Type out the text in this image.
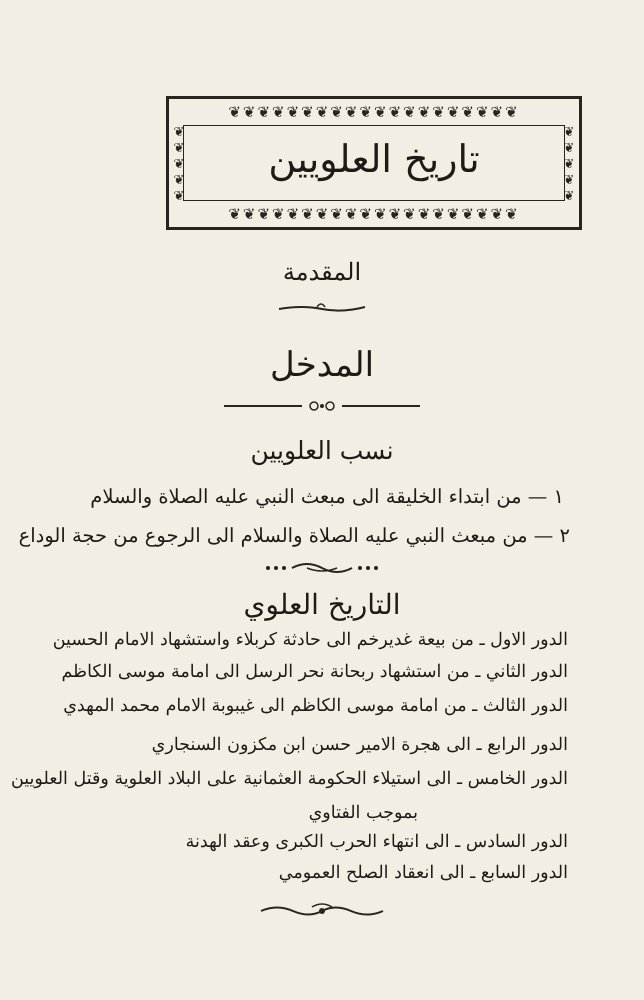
❦❦❦❦❦❦❦❦❦❦❦❦❦❦❦❦❦❦❦❦
❦❦❦❦❦❦❦❦❦❦❦❦❦❦❦❦❦❦❦❦
❦❦❦❦❦
❦❦❦❦❦
تاريخ العلويين
المقدمة
المدخل
نسب العلويين
١ — من ابتداء الخليقة الى مبعث النبي عليه الصلاة والسلام
٢ — من مبعث النبي عليه الصلاة والسلام الى الرجوع من حجة الوداع
التاريخ العلوي
الدور الاول ـ من بيعة غديرخم الى حادثة كربلاء واستشهاد الامام الحسين
الدور الثاني ـ من استشهاد ربحانة نحر الرسل الى امامة موسى الكاظم
الدور الثالث ـ من امامة موسى الكاظم الى غيبوبة الامام محمد المهدي
الدور الرابع ـ الى هجرة الامير حسن ابن مكزون السنجاري
الدور الخامس ـ الى استيلاء الحكومة العثمانية على البلاد العلوية وقتل العلويين
بموجب الفتاوي
الدور السادس ـ الى انتهاء الحرب الكبرى وعقد الهدنة
الدور السابع ـ الى انعقاد الصلح العمومي
